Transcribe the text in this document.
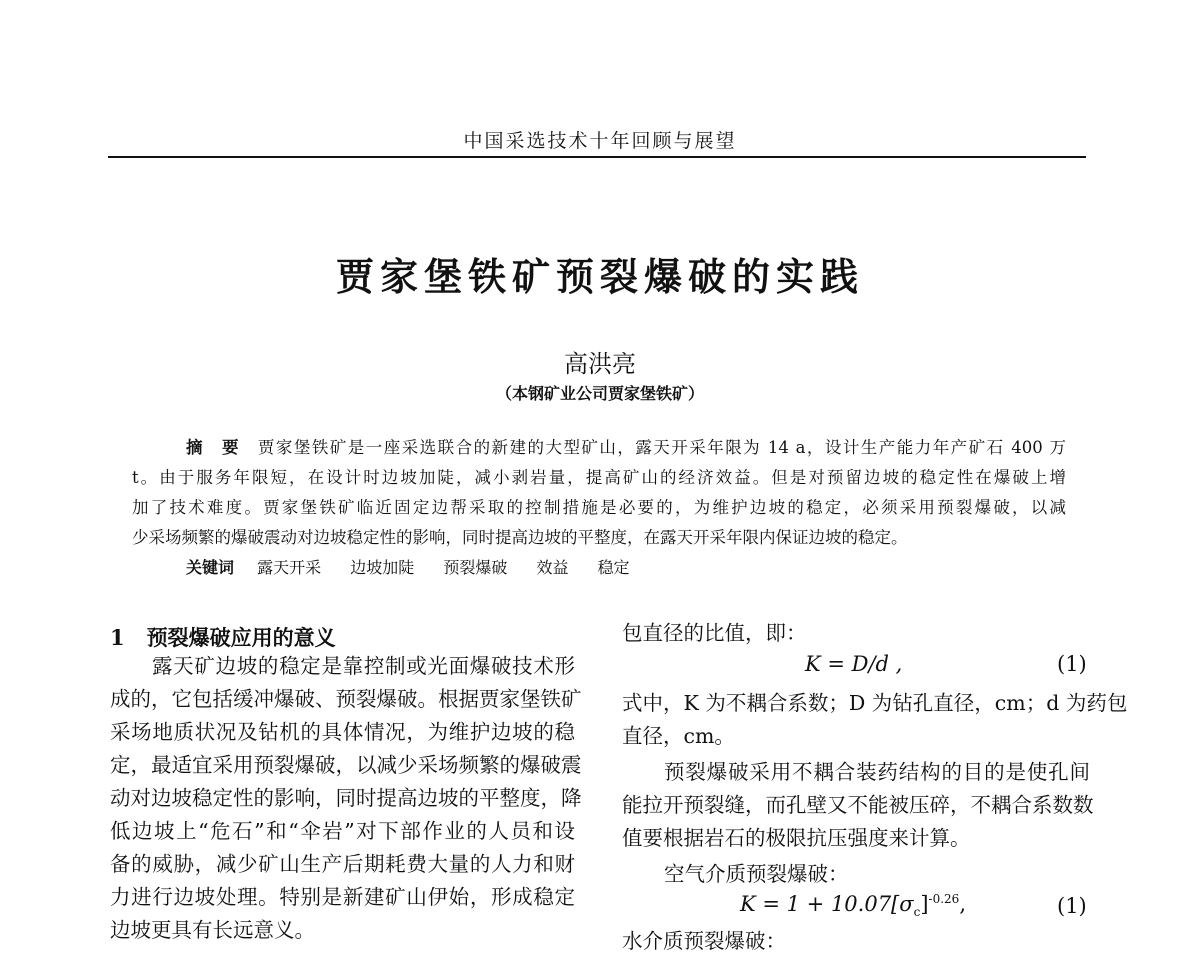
中国采选技术十年回顾与展望
贾家堡铁矿预裂爆破的实践
高洪亮
（本钢矿业公司贾家堡铁矿）
摘　要　 贾家堡铁矿是一座采选联合的新建的大型矿山，露天开采年限为 14 a，设计生产能力年产矿石 400 万
t。由于服务年限短，在设计时边坡加陡，减小剥岩量，提高矿山的经济效益。但是对预留边坡的稳定性在爆破上增
加了技术难度。贾家堡铁矿临近固定边帮采取的控制措施是必要的，为维护边坡的稳定，必须采用预裂爆破，以减
少采场频繁的爆破震动对边坡稳定性的影响，同时提高边坡的平整度，在露天开采年限内保证边坡的稳定。
关键词 露天开采 边坡加陡 预裂爆破 效益 稳定
1 预裂爆破应用的意义
露天矿边坡的稳定是靠控制或光面爆破技术形
成的，它包括缓冲爆破、预裂爆破。根据贾家堡铁矿
采场地质状况及钻机的具体情况，为维护边坡的稳
定，最适宜采用预裂爆破，以减少采场频繁的爆破震
动对边坡稳定性的影响，同时提高边坡的平整度，降
低边坡上“危石”和“伞岩”对下部作业的人员和设
备的威胁，减少矿山生产后期耗费大量的人力和财
力进行边坡处理。特别是新建矿山伊始，形成稳定
边坡更具有长远意义。
包直径的比值，即：
K = D/d ,	(1)
式中，K 为不耦合系数；D 为钻孔直径，cm；d 为药包
直径，cm。
预裂爆破采用不耦合装药结构的目的是使孔间
能拉开预裂缝，而孔壁又不能被压碎，不耦合系数数
值要根据岩石的极限抗压强度来计算。
空气介质预裂爆破：
$K = 1 + 10.07[\sigma_c]^{-0.26}$,	(1)
水介质预裂爆破：
